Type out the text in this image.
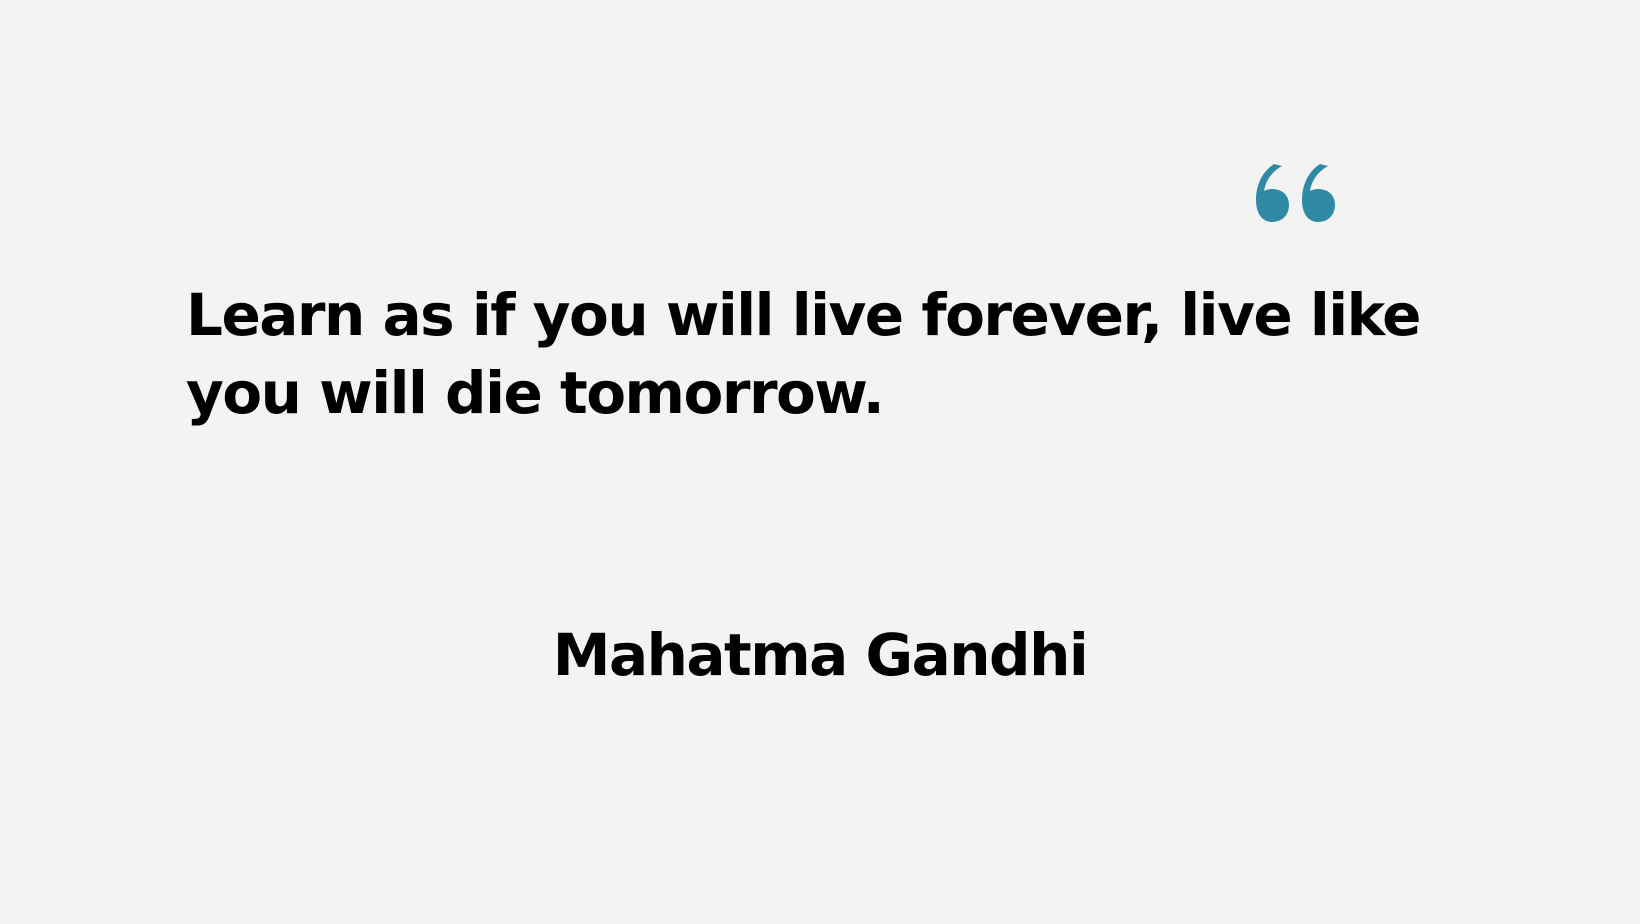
Learn as if you will live forever, live like you will die tomorrow.

Mahatma Gandhi
